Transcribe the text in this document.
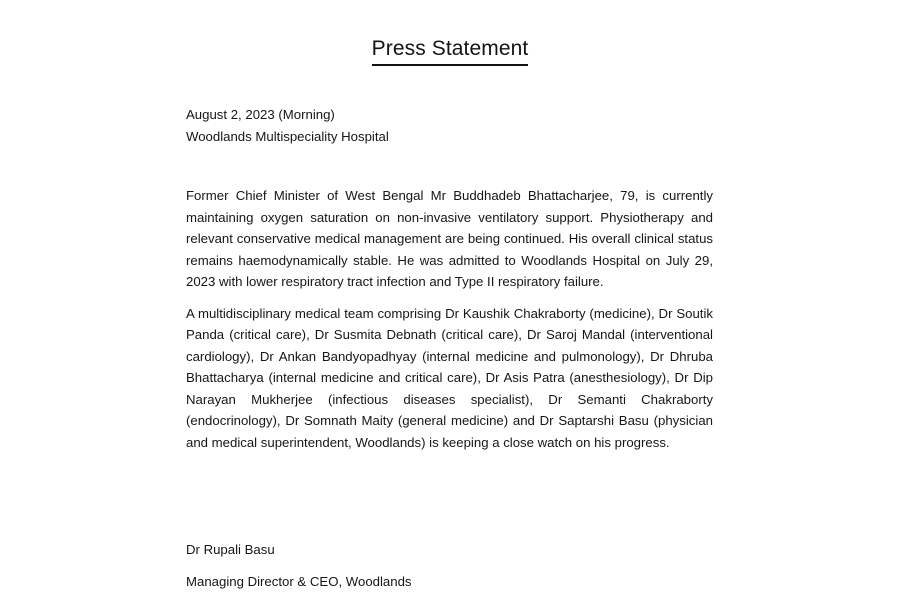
Press Statement
August 2, 2023 (Morning)
Woodlands Multispeciality Hospital

Former Chief Minister of West Bengal Mr Buddhadeb Bhattacharjee, 79, is currently maintaining oxygen saturation on non-invasive ventilatory support. Physiotherapy and relevant conservative medical management are being continued. His overall clinical status remains haemodynamically stable. He was admitted to Woodlands Hospital on July 29, 2023 with lower respiratory tract infection and Type II respiratory failure.

A multidisciplinary medical team comprising Dr Kaushik Chakraborty (medicine), Dr Soutik Panda (critical care), Dr Susmita Debnath (critical care), Dr Saroj Mandal (interventional cardiology), Dr Ankan Bandyopadhyay (internal medicine and pulmonology), Dr Dhruba Bhattacharya (internal medicine and critical care), Dr Asis Patra (anesthesiology), Dr Dip Narayan Mukherjee (infectious diseases specialist), Dr Semanti Chakraborty (endocrinology), Dr Somnath Maity (general medicine) and Dr Saptarshi Basu (physician and medical superintendent, Woodlands) is keeping a close watch on his progress.

Dr Rupali Basu
Managing Director & CEO, Woodlands
